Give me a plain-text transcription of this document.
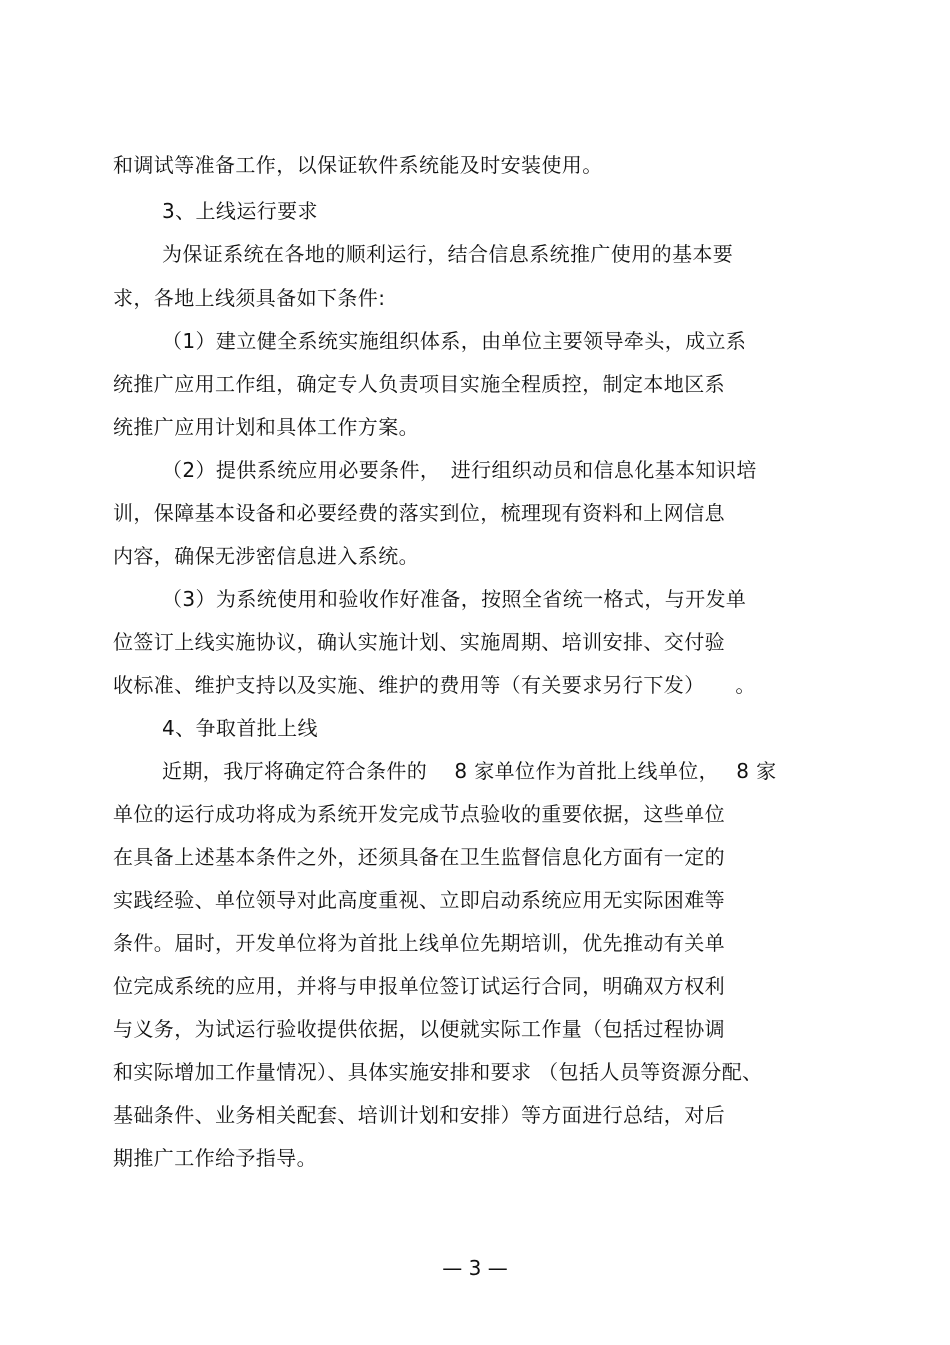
和调试等准备工作，以保证软件系统能及时安装使用。
3、上线运行要求
为保证系统在各地的顺利运行，结合信息系统推广使用的基本要
求，各地上线须具备如下条件:
（1）建立健全系统实施组织体系，由单位主要领导牵头，成立系
统推广应用工作组，确定专人负责项目实施全程质控，制定本地区系
统推广应用计划和具体工作方案。
（2）提供系统应用必要条件，　进行组织动员和信息化基本知识培
训，保障基本设备和必要经费的落实到位，梳理现有资料和上网信息
内容，确保无涉密信息进入系统。
（3）为系统使用和验收作好准备，按照全省统一格式，与开发单
位签订上线实施协议，确认实施计划、实施周期、培训安排、交付验
收标准、维护支持以及实施、维护的费用等（有关要求另行下发）　　。
4、争取首批上线
近期，我厅将确定符合条件的　 8 家单位作为首批上线单位，　 8 家
单位的运行成功将成为系统开发完成节点验收的重要依据，这些单位
在具备上述基本条件之外，还须具备在卫生监督信息化方面有一定的
实践经验、单位领导对此高度重视、立即启动系统应用无实际困难等
条件。届时，开发单位将为首批上线单位先期培训，优先推动有关单
位完成系统的应用，并将与申报单位签订试运行合同，明确双方权利
与义务，为试运行验收提供依据，以便就实际工作量（包括过程协调
和实际增加工作量情况）、具体实施安排和要求 （包括人员等资源分配、
基础条件、业务相关配套、培训计划和安排）等方面进行总结，对后
期推广工作给予指导。
— 3 —
